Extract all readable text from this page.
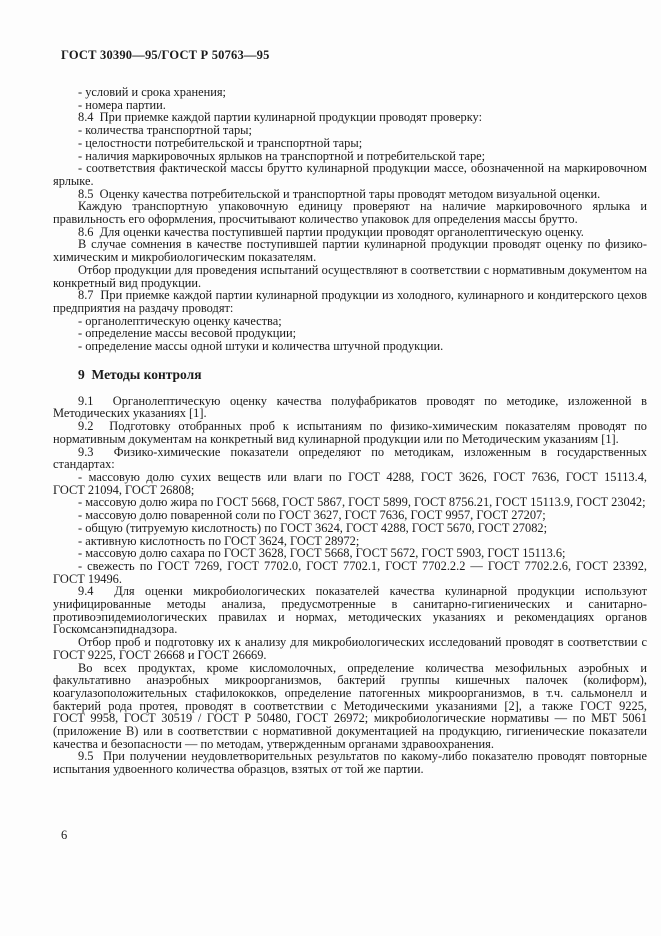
ГОСТ 30390—95/ГОСТ Р 50763—95

- условий и срока хранения;

- номера партии.

8.4  При приемке каждой партии кулинарной продукции проводят проверку:

- количества транспортной тары;

- целостности потребительской и транспортной тары;

- наличия маркировочных ярлыков на транспортной и потребительской таре;

- соответствия фактической массы брутто кулинарной продукции массе, обозначенной на маркировочном ярлыке.

8.5  Оценку качества потребительской и транспортной тары проводят методом визуальной оценки.

Каждую транспортную упаковочную единицу проверяют на наличие маркировочного ярлыка и правильность его оформления, просчитывают количество упаковок для определения массы брутто.

8.6  Для оценки качества поступившей партии продукции проводят органолептическую оценку.

В случае сомнения в качестве поступившей партии кулинарной продукции проводят оценку по физико-химическим и микробиологическим показателям.

Отбор продукции для проведения испытаний осуществляют в соответствии с нормативным документом на конкретный вид продукции.

8.7  При приемке каждой партии кулинарной продукции из холодного, кулинарного и кондитерского цехов предприятия на раздачу проводят:

- органолептическую оценку качества;

- определение массы весовой продукции;

- определение массы одной штуки и количества штучной продукции.

9  Методы контроля

9.1  Органолептическую оценку качества полуфабрикатов проводят по методике, изложенной в Методических указаниях [1].

9.2  Подготовку отобранных проб к испытаниям по физико-химическим показателям проводят по нормативным документам на конкретный вид кулинарной продукции или по Методическим указаниям [1].

9.3  Физико-химические показатели определяют по методикам, изложенным в государственных стандартах:

- массовую долю сухих веществ или влаги по ГОСТ 4288, ГОСТ 3626, ГОСТ 7636, ГОСТ 15113.4, ГОСТ 21094, ГОСТ 26808;

- массовую долю жира по ГОСТ 5668, ГОСТ 5867, ГОСТ 5899, ГОСТ 8756.21, ГОСТ 15113.9, ГОСТ 23042;

- массовую долю поваренной соли по ГОСТ 3627, ГОСТ 7636, ГОСТ 9957, ГОСТ 27207;

- общую (титруемую кислотность) по ГОСТ 3624, ГОСТ 4288, ГОСТ 5670, ГОСТ 27082;

- активную кислотность по ГОСТ 3624, ГОСТ 28972;

- массовую долю сахара по ГОСТ 3628, ГОСТ 5668, ГОСТ 5672, ГОСТ 5903, ГОСТ 15113.6;

- свежесть по ГОСТ 7269, ГОСТ 7702.0, ГОСТ 7702.1, ГОСТ 7702.2.2 — ГОСТ 7702.2.6, ГОСТ 23392, ГОСТ 19496.

9.4  Для оценки микробиологических показателей качества кулинарной продукции используют унифицированные методы анализа, предусмотренные в санитарно-гигиенических и санитарно-противоэпидемиологических правилах и нормах, методических указаниях и рекомендациях органов Госкомсанэпиднадзора.

Отбор проб и подготовку их к анализу для микробиологических исследований проводят в соответствии с ГОСТ 9225, ГОСТ 26668 и ГОСТ 26669.

Во всех продуктах, кроме кисломолочных, определение количества мезофильных аэробных и факультативно анаэробных микроорганизмов, бактерий группы кишечных палочек (колиформ), коагулазоположительных стафилококков, определение патогенных микроорганизмов, в т.ч. сальмонелл и бактерий рода протея, проводят в соответствии с Методическими указаниями [2], а также ГОСТ 9225, ГОСТ 9958, ГОСТ 30519 / ГОСТ Р 50480, ГОСТ 26972; микробиологические нормативы — по МБТ 5061 (приложение В) или в соответствии с нормативной документацией на продукцию, гигиенические показатели качества и безопасности — по методам, утвержденным органами здравоохранения.

9.5  При получении неудовлетворительных результатов по какому-либо показателю проводят повторные испытания удвоенного количества образцов, взятых от той же партии.

6
